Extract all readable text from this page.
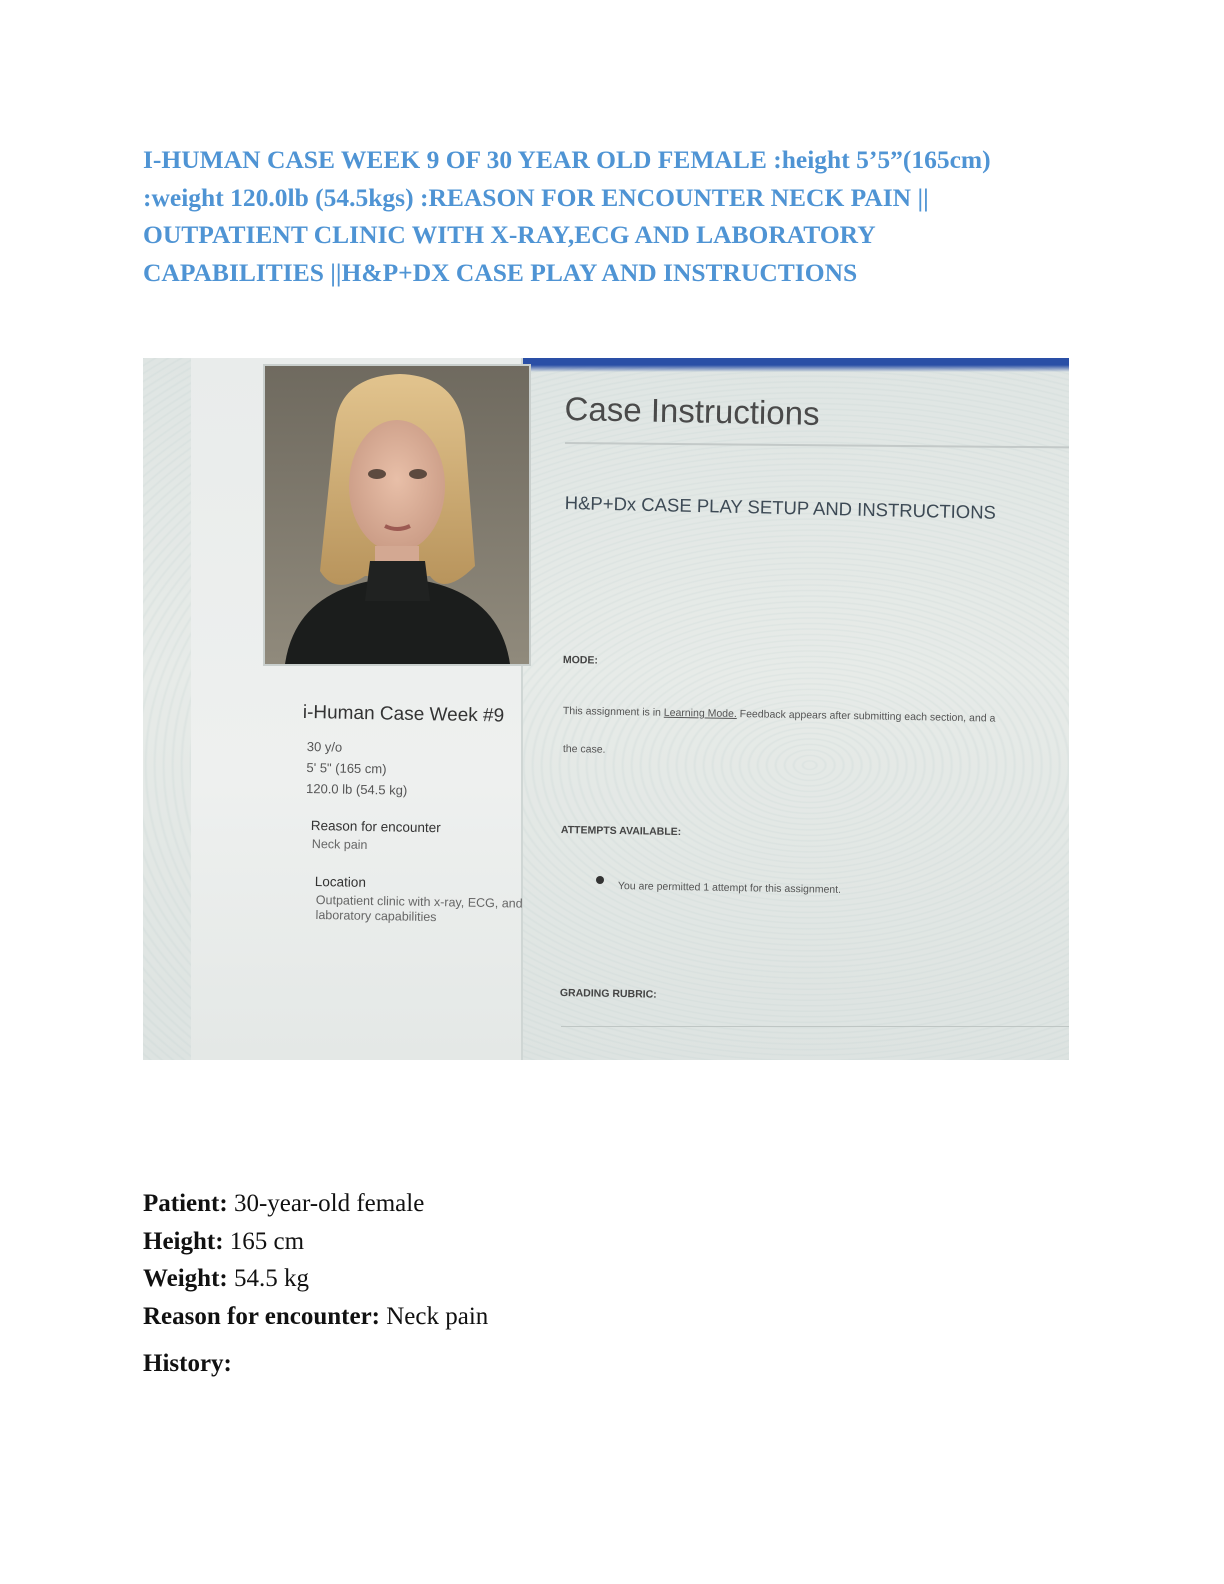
I-HUMAN CASE WEEK 9 OF 30 YEAR OLD FEMALE :height 5’5”(165cm)
:weight 120.0lb (54.5kgs) :REASON FOR ENCOUNTER NECK PAIN ||
OUTPATIENT CLINIC WITH X-RAY,ECG AND LABORATORY
CAPABILITIES ||H&P+DX CASE PLAY AND INSTRUCTIONS
i-Human Case Week #9
30 y/o
5' 5" (165 cm)
120.0 lb (54.5 kg)
Reason for encounter
Neck pain
Location
Outpatient clinic with x-ray, ECG, and laboratory capabilities
Case Instructions
H&P+Dx CASE PLAY SETUP AND INSTRUCTIONS
MODE:
This assignment is in Learning Mode. Feedback appears after submitting each section, and a
the case.
ATTEMPTS AVAILABLE:
You are permitted 1 attempt for this assignment.
GRADING RUBRIC:
Patient: 30-year-old female
Height: 165 cm
Weight: 54.5 kg
Reason for encounter: Neck pain
History:
